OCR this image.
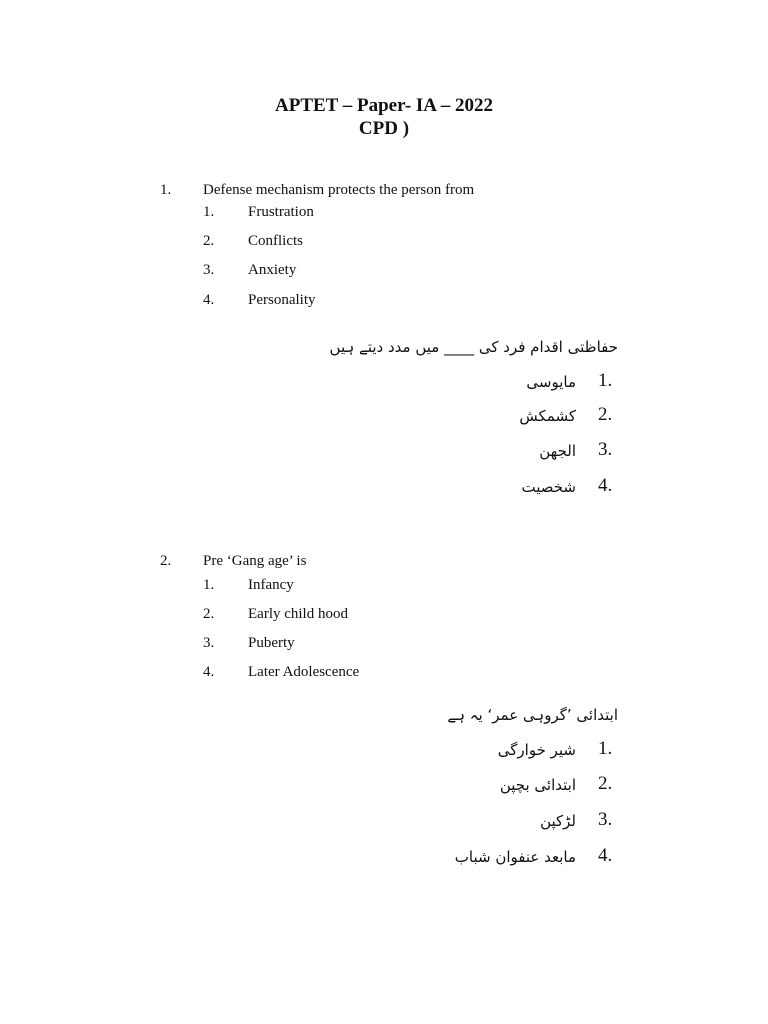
APTET – Paper- IA – 2022
CPD )
1. Defense mechanism protects the person from
1. Frustration
2. Conflicts
3. Anxiety
4. Personality
حفاظتی اقدام فرد کی ____ میں مدد دیتے ہیں
1.
مایوسی
2.
کشمکش
3.
الجھن
4.
شخصیت
2. Pre ‘Gang age’ is
1. Infancy
2. Early child hood
3. Puberty
4. Later Adolescence
ابتدائی ’گروہی عمر‘ یہ ہے
1.
شیر خوارگی
2.
ابتدائی بچپن
3.
لڑکپن
4.
مابعد عنفوان شباب
